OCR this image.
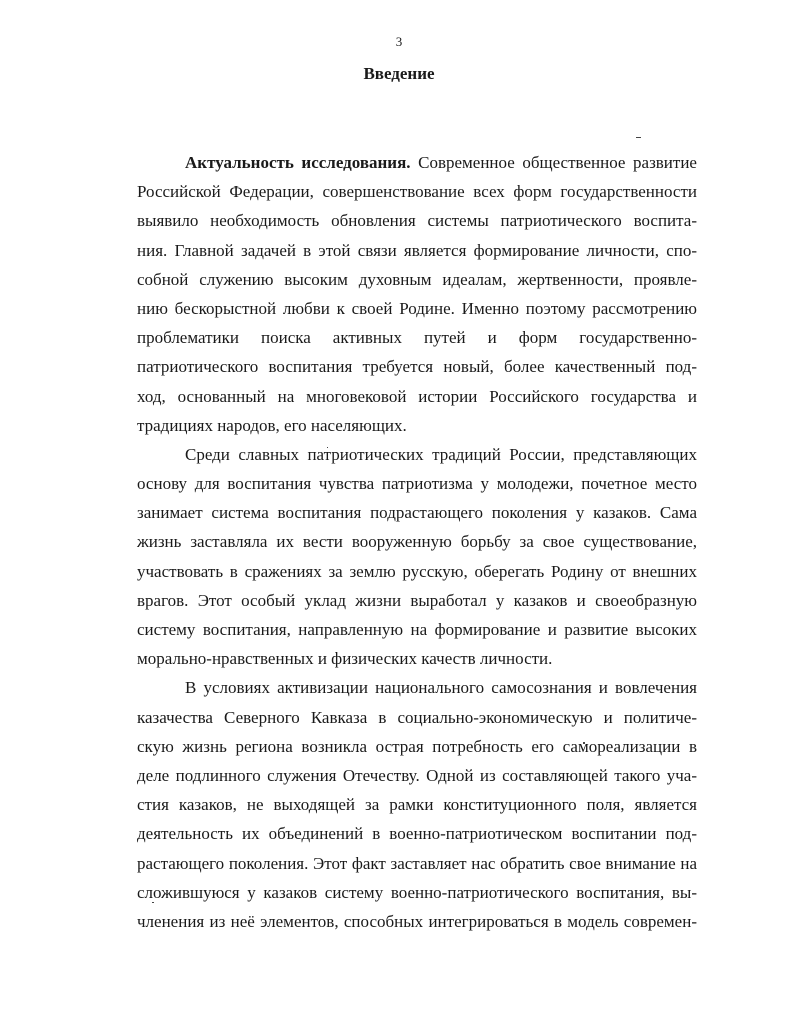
3
Введение
Актуальность исследования. Современное общественное развитие
Российской Федерации, совершенствование всех форм государственности
выявило необходимость обновления системы патриотического воспита-
ния. Главной задачей в этой связи является формирование личности, спо-
собной служению высоким духовным идеалам, жертвенности, проявле-
нию бескорыстной любви к своей Родине. Именно поэтому рассмотрению
проблематики поиска активных путей и форм государственно-
патриотического воспитания требуется новый, более качественный под-
ход, основанный на многовековой истории Российского государства и
традициях народов, его населяющих.
Среди славных патриотических традиций России, представляющих
основу для воспитания чувства патриотизма у молодежи, почетное место
занимает система воспитания подрастающего поколения у казаков. Сама
жизнь заставляла их вести вооруженную борьбу за свое существование,
участвовать в сражениях за землю русскую, оберегать Родину от внешних
врагов. Этот особый уклад жизни выработал у казаков и своеобразную
систему воспитания, направленную на формирование и развитие высоких
морально-нравственных и физических качеств личности.
В условиях активизации национального самосознания и вовлечения
казачества Северного Кавказа в социально-экономическую и политиче-
скую жизнь региона возникла острая потребность его самореализации в
деле подлинного служения Отечеству. Одной из составляющей такого уча-
стия казаков, не выходящей за рамки конституционного поля, является
деятельность их объединений в военно-патриотическом воспитании под-
растающего поколения. Этот факт заставляет нас обратить свое внимание на
сложившуюся у казаков систему военно-патриотического воспитания, вы-
членения из неё элементов, способных интегрироваться в модель современ-
